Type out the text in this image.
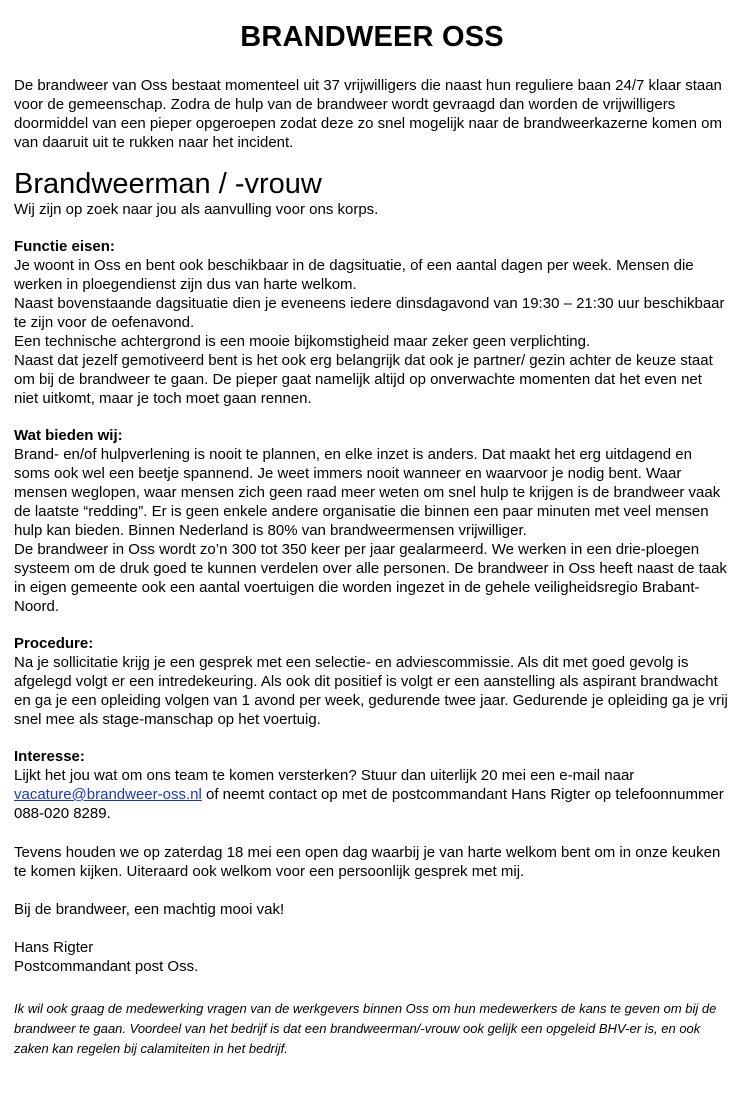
BRANDWEER OSS

De brandweer van Oss bestaat momenteel uit 37 vrijwilligers die naast hun reguliere baan 24/7 klaar staan voor de gemeenschap. Zodra de hulp van de brandweer wordt gevraagd dan worden de vrijwilligers doormiddel van een pieper opgeroepen zodat deze zo snel mogelijk naar de brandweerkazerne komen om van daaruit uit te rukken naar het incident.

Brandweerman / -vrouw

Wij zijn op zoek naar jou als aanvulling voor ons korps.

Functie eisen:

Je woont in Oss en bent ook beschikbaar in de dagsituatie, of een aantal dagen per week. Mensen die werken in ploegendienst zijn dus van harte welkom.

Naast bovenstaande dagsituatie dien je eveneens iedere dinsdagavond van 19:30 – 21:30 uur beschikbaar te zijn voor de oefenavond.

Een technische achtergrond is een mooie bijkomstigheid maar zeker geen verplichting.

Naast dat jezelf gemotiveerd bent is het ook erg belangrijk dat ook je partner/ gezin achter de keuze staat om bij de brandweer te gaan. De pieper gaat namelijk altijd op onverwachte momenten dat het even net niet uitkomt, maar je toch moet gaan rennen.

Wat bieden wij:

Brand- en/of hulpverlening is nooit te plannen, en elke inzet is anders. Dat maakt het erg uitdagend en soms ook wel een beetje spannend. Je weet immers nooit wanneer en waarvoor je nodig bent. Waar mensen weglopen, waar mensen zich geen raad meer weten om snel hulp te krijgen is de brandweer vaak de laatste “redding”. Er is geen enkele andere organisatie die binnen een paar minuten met veel mensen hulp kan bieden. Binnen Nederland is 80% van brandweermensen vrijwilliger.

De brandweer in Oss wordt zo’n 300 tot 350 keer per jaar gealarmeerd. We werken in een drie-ploegen systeem om de druk goed te kunnen verdelen over alle personen. De brandweer in Oss heeft naast de taak in eigen gemeente ook een aantal voertuigen die worden ingezet in de gehele veiligheidsregio Brabant-Noord.

Procedure:

Na je sollicitatie krijg je een gesprek met een selectie- en adviescommissie. Als dit met goed gevolg is afgelegd volgt er een intredekeuring. Als ook dit positief is volgt er een aanstelling als aspirant brandwacht en ga je een opleiding volgen van 1 avond per week, gedurende twee jaar. Gedurende je opleiding ga je vrij snel mee als stage-manschap op het voertuig.

Interesse:

Lijkt het jou wat om ons team te komen versterken? Stuur dan uiterlijk 20 mei een e-mail naar vacature@brandweer-oss.nl of neemt contact op met de postcommandant Hans Rigter op telefoonnummer 088-020 8289.

Tevens houden we op zaterdag 18 mei een open dag waarbij je van harte welkom bent om in onze keuken te komen kijken. Uiteraard ook welkom voor een persoonlijk gesprek met mij.

Bij de brandweer, een machtig mooi vak!

Hans Rigter

Postcommandant post Oss.

Ik wil ook graag de medewerking vragen van de werkgevers binnen Oss om hun medewerkers de kans te geven om bij de brandweer te gaan. Voordeel van het bedrijf is dat een brandweerman/-vrouw ook gelijk een opgeleid BHV-er is, en ook zaken kan regelen bij calamiteiten in het bedrijf.
